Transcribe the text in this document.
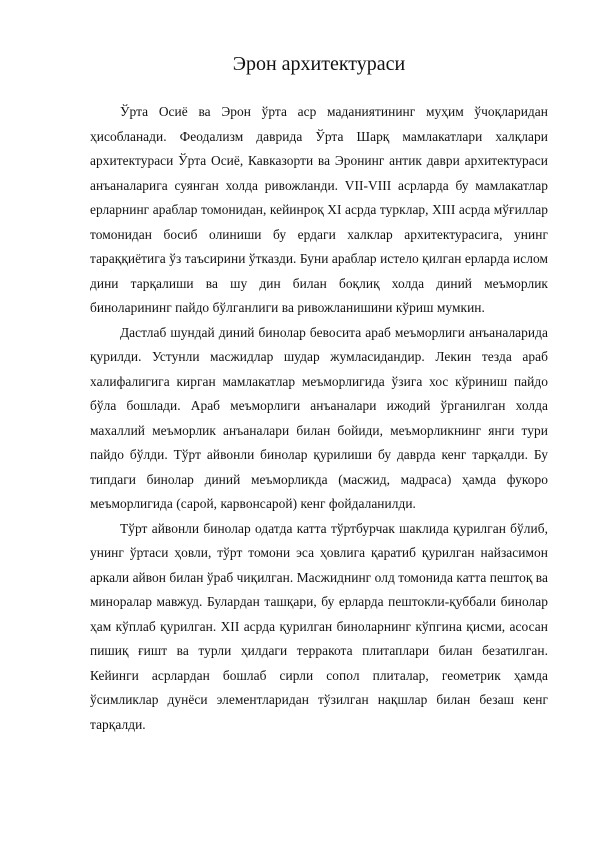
Эрон архитектураси

Ўрта Осиё ва Эрон ўрта аср маданиятининг муҳим ўчоқларидан ҳисобланади. Феодализм даврида Ўрта Шарқ мамлакатлари халқлари архитектураси Ўрта Осиё, Кавказорти ва Эронинг антик даври архитектураси анъаналарига суянган холда ривожланди. VII-VIII асрларда бу мамлакатлар ерларнинг араблар томонидан, кейинроқ XI асрда турклар, XIII асрда мўғиллар томонидан босиб олиниши бу ердаги халклар архитектурасига, унинг тараққиётига ўз таъсирини ўтказди. Буни араблар истело қилган ерларда ислом дини тарқалиши ва шу дин билан боқлиқ холда диний меъморлик биноларининг пайдо бўлганлиги ва ривожланишини кўриш мумкин.

Дастлаб шундай диний бинолар бевосита араб меъморлиги анъаналарида қурилди. Устунли масжидлар шудар жумласидандир. Лекин тезда араб халифалигига кирган мамлакатлар меъморлигида ўзига хос кўриниш пайдо бўла бошлади. Араб меъморлиги анъаналари ижодий ўрганилган холда махаллий меъморлик анъаналари билан бойиди, меъморликнинг янги тури пайдо бўлди. Тўрт айвонли бинолар қурилиши бу даврда кенг тарқалди. Бу типдаги бинолар диний меъморликда (масжид, мадраса) ҳамда фукоро меъморлигида (сарой, карвонсарой) кенг фойдаланилди.

Тўрт айвонли бинолар одатда катта тўртбурчак шаклида қурилган бўлиб, унинг ўртаси ҳовли, тўрт томони эса ҳовлига қаратиб қурилган найзасимон аркали айвон билан ўраб чиқилган. Масжиднинг олд томонида катта пештоқ ва миноралар мавжуд. Булардан ташқари, бу ерларда пештокли-қуббали бинолар ҳам кўплаб қурилган. XII асрда қурилган биноларнинг кўпгина қисми, асосан пишиқ ғишт ва турли ҳилдаги терракота плитаплари билан безатилган. Кейинги асрлардан бошлаб сирли сопол плиталар, геометрик ҳамда ўсимликлар дунёси элементларидан тўзилган нақшлар билан безаш кенг тарқалди.
